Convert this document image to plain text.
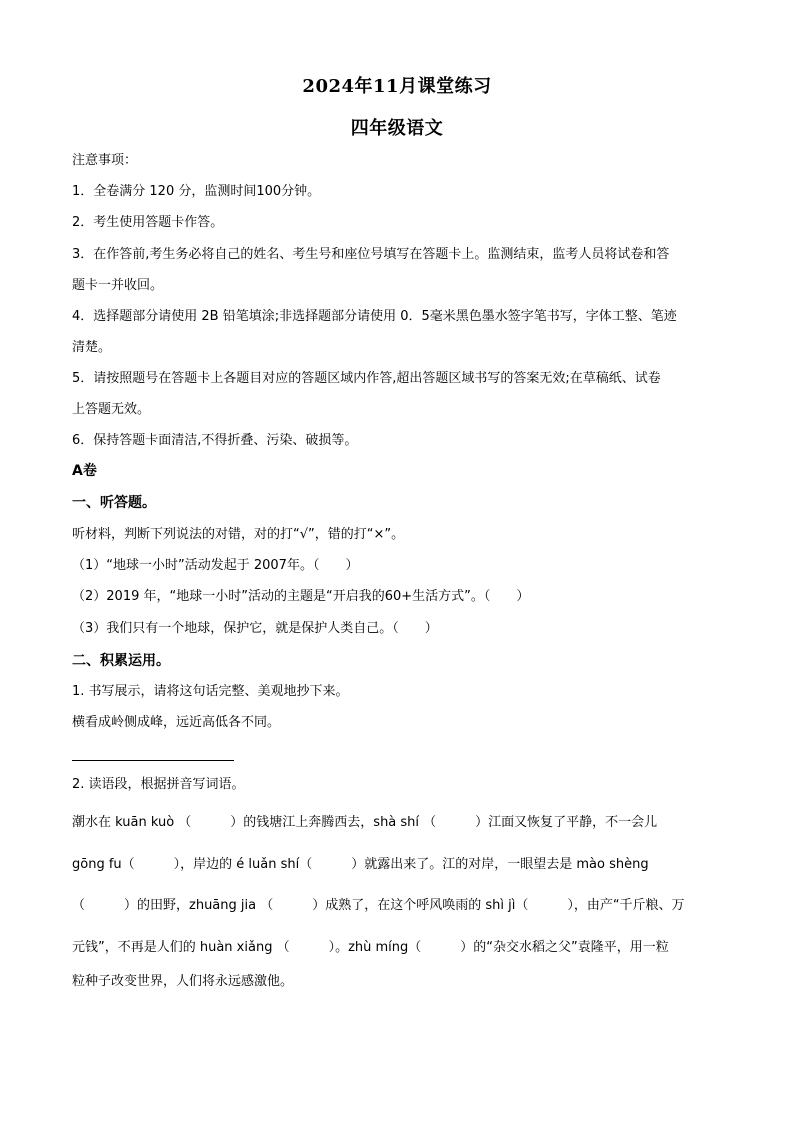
2024年11月课堂练习
四年级语文
注意事项：
1．全卷满分 120 分，监测时间100分钟。
2．考生使用答题卡作答。
3．在作答前,考生务必将自己的姓名、考生号和座位号填写在答题卡上。监测结束，监考人员将试卷和答
题卡一并收回。
4．选择题部分请使用 2B 铅笔填涂;非选择题部分请使用 0．5毫米黑色墨水签字笔书写，字体工整、笔迹
清楚。
5．请按照题号在答题卡上各题目对应的答题区域内作答,超出答题区域书写的答案无效;在草稿纸、试卷
上答题无效。
6．保持答题卡面清洁,不得折叠、污染、破损等。
A卷
一、听答题。
听材料，判断下列说法的对错，对的打“√”，错的打“×”。
（1）“地球一小时”活动发起于 2007年。（　　）
（2）2019 年，“地球一小时”活动的主题是“开启我的60+生活方式”。（　　）
（3）我们只有一个地球，保护它，就是保护人类自己。（　　）
二、积累运用。
1. 书写展示，请将这句话完整、美观地抄下来。
横看成岭侧成峰，远近高低各不同。
2. 读语段，根据拼音写词语。
潮水在 kuān kuò （　　　）的钱塘江上奔腾西去，shà shí （　　　）江面又恢复了平静，不一会儿
gōng fu（　　　），岸边的 é luǎn shí（　　　）就露出来了。江的对岸，一眼望去是 mào shèng
（　　　）的田野，zhuāng jia （　　　）成熟了，在这个呼风唤雨的 shì jì（　　　），由产“千斤粮、万
元钱”，不再是人们的 huàn xiǎng （　　　）。zhù míng（　　　）的“杂交水稻之父”袁隆平，用一粒
粒种子改变世界，人们将永远感激他。
